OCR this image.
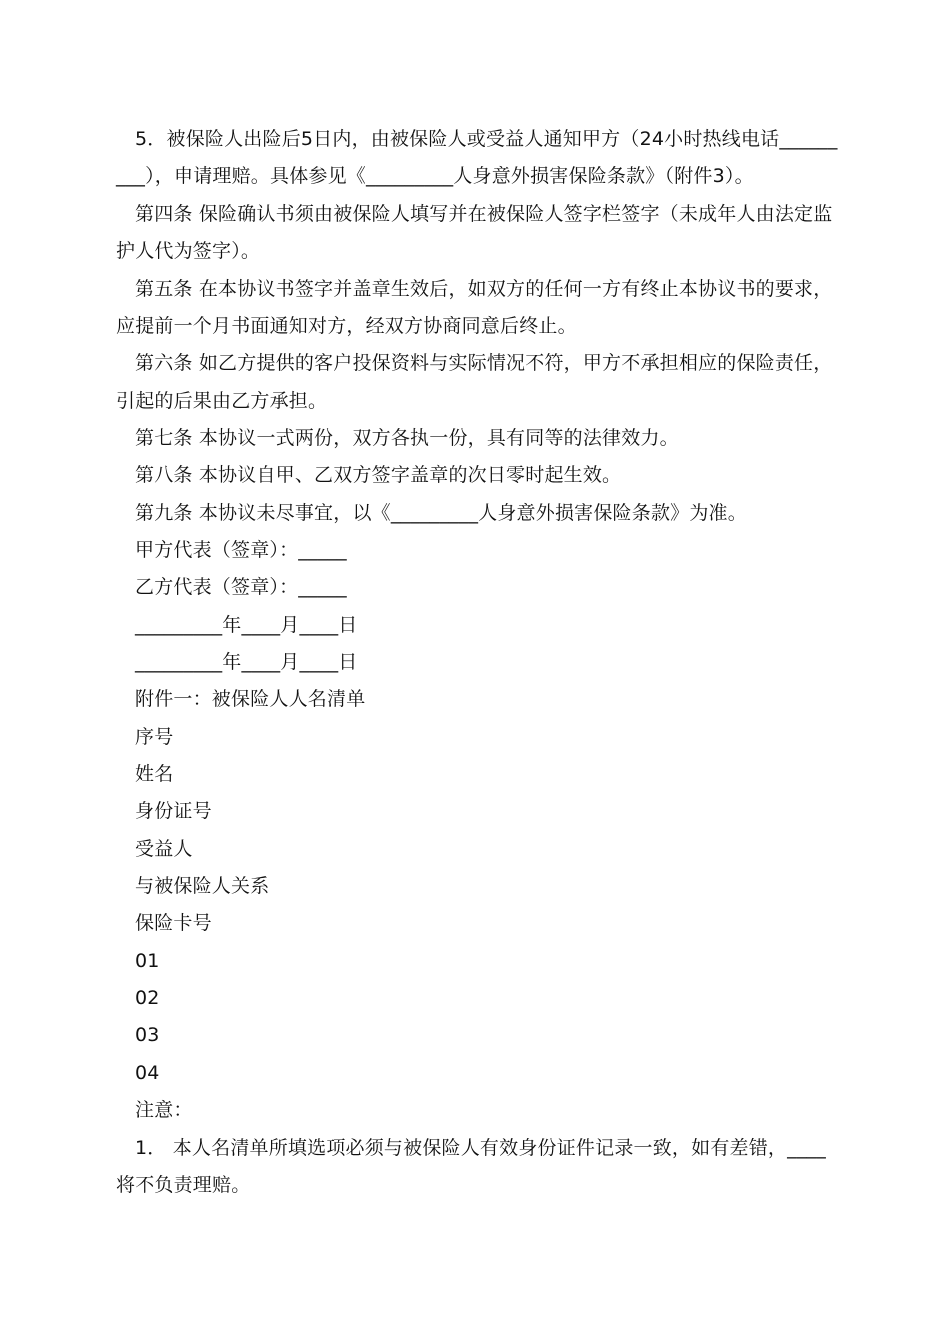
5．被保险人出险后5日内，由被保险人或受益人通知甲方（24小时热线电话______
___），申请理赔。具体参见《_________人身意外损害保险条款》（附件3）。
第四条 保险确认书须由被保险人填写并在被保险人签字栏签字（未成年人由法定监
护人代为签字）。
第五条 在本协议书签字并盖章生效后，如双方的任何一方有终止本协议书的要求，
应提前一个月书面通知对方，经双方协商同意后终止。
第六条 如乙方提供的客户投保资料与实际情况不符，甲方不承担相应的保险责任，
引起的后果由乙方承担。
第七条 本协议一式两份，双方各执一份，具有同等的法律效力。
第八条 本协议自甲、乙双方签字盖章的次日零时起生效。
第九条 本协议未尽事宜，以《_________人身意外损害保险条款》为准。
甲方代表（签章）：_____
乙方代表（签章）：_____
_________年____月____日
_________年____月____日
附件一：被保险人人名清单
序号
姓名
身份证号
受益人
与被保险人关系
保险卡号
01
02
03
04
注意：
1． 本人名清单所填选项必须与被保险人有效身份证件记录一致，如有差错，____
将不负责理赔。
